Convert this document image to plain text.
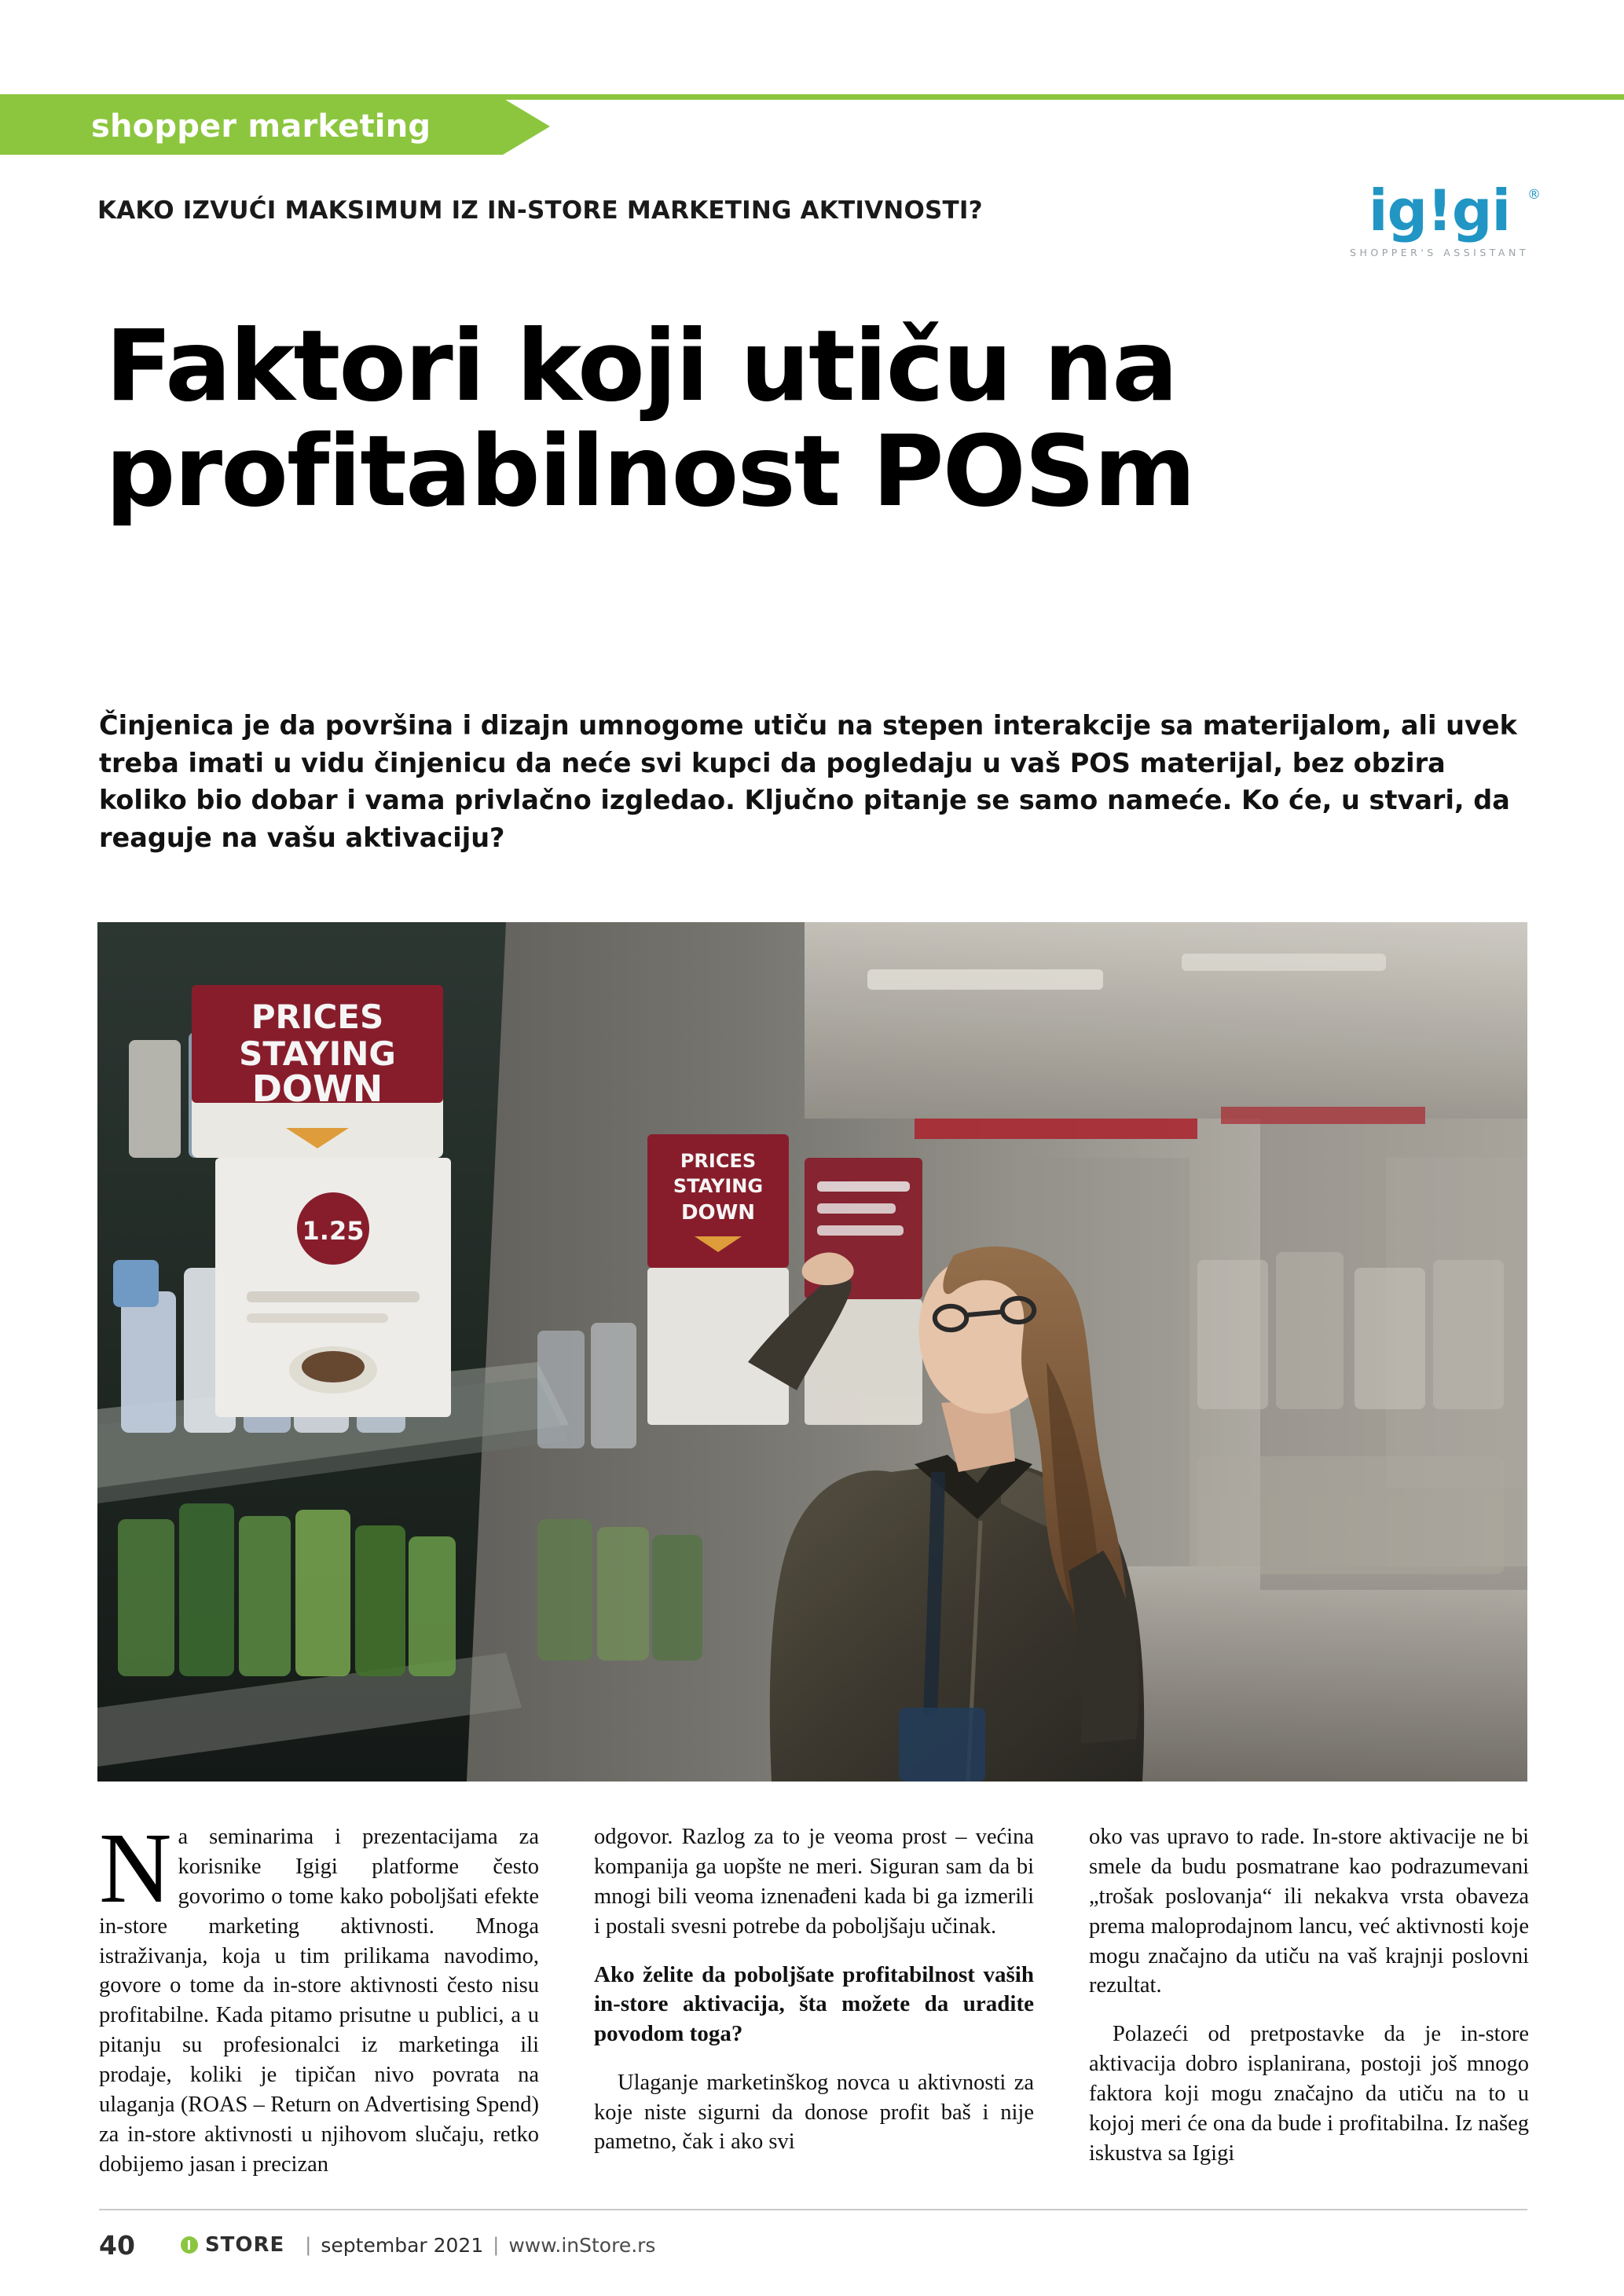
shopper marketing
KAKO IZVUĆI MAKSIMUM IZ IN-STORE MARKETING AKTIVNOSTI?	ig!gi	®
SHOPPER'S ASSISTANT
Faktori koji utiču na
profitabilnost POSm
Činjenica je da površina i dizajn umnogome utiču na stepen interakcije sa materijalom, ali uvek treba imati u vidu činjenicu da neće svi kupci da pogledaju u vaš POS materijal, bez obzira koliko bio dobar i vama privlačno izgledao. Ključno pitanje se samo nameće. Ko će, u stvari, da reaguje na vašu aktivaciju?
PRICES
STAYING
DOWN
1.25
PRICES
STAYING
DOWN

Na seminarima i prezentacijama za korisnike Igigi platforme često govorimo o tome kako poboljšati efekte in-store marketing aktivnosti. Mnoga istraživanja, koja u tim prilikama navodimo, govore o tome da in-store aktivnosti često nisu profitabilne. Kada pitamo prisutne u publici, a u pitanju su profesionalci iz marketinga ili prodaje, koliki je tipičan nivo povrata na ulaganja (ROAS – Return on Advertising Spend) za in-store aktivnosti u njihovom slučaju, retko dobijemo jasan i precizan

odgovor. Razlog za to je veoma prost – većina kompanija ga uopšte ne meri. Siguran sam da bi mnogi bili veoma iznenađeni kada bi ga izmerili i postali svesni potrebe da poboljšaju učinak.

Ako želite da poboljšate profitabilnost vaših in-store aktivacija, šta možete da uradite povodom toga?

Ulaganje marketinškog novca u aktivnosti za koje niste sigurni da donose profit baš i nije pametno, čak i ako svi

oko vas upravo to rade. In-store aktivacije ne bi smele da budu posmatrane kao podrazumevani „trošak poslovanja“ ili nekakva vrsta obaveza prema maloprodajnom lancu, već aktivnosti koje mogu značajno da utiču na vaš krajnji poslovni rezultat.

Polazeći od pretpostavke da je in-store aktivacija dobro isplanirana, postoji još mnogo faktora koji mogu značajno da utiču na to u kojoj meri će ona da bude i profitabilna. Iz našeg iskustva sa Igigi

40	STORE | septembar 2021 | www.inStore.rs
